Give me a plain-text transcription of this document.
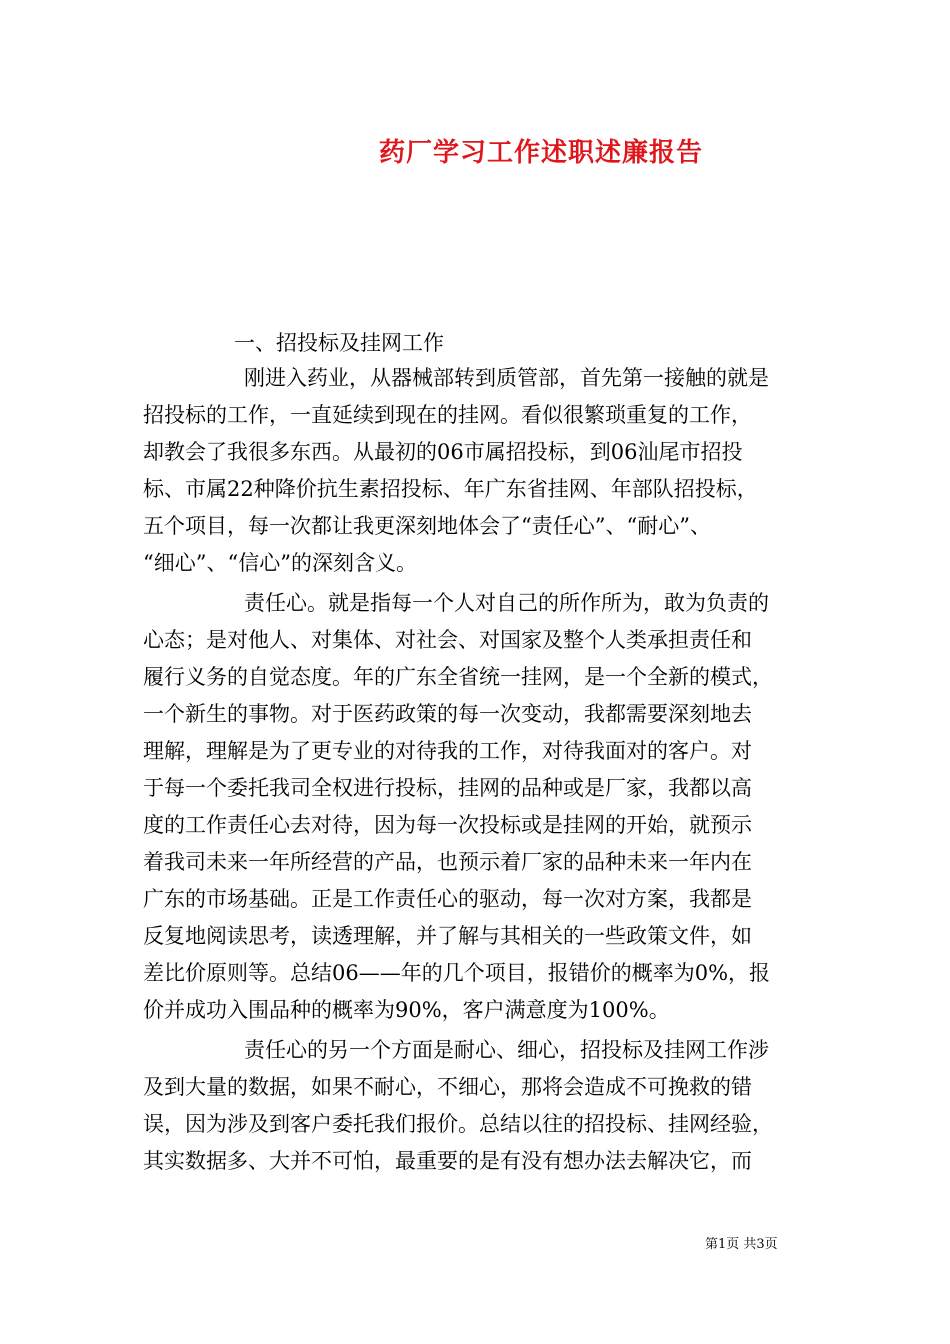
药厂学习工作述职述廉报告
一、招投标及挂网工作
刚进入药业，从器械部转到质管部，首先第一接触的就是
招投标的工作，一直延续到现在的挂网。看似很繁琐重复的工作，
却教会了我很多东西。从最初的06市属招投标，到06汕尾市招投
标、市属22种降价抗生素招投标、年广东省挂网、年部队招投标，
五个项目，每一次都让我更深刻地体会了“责任心”、“耐心”、
“细心”、“信心”的深刻含义。
责任心。就是指每一个人对自己的所作所为，敢为负责的
心态；是对他人、对集体、对社会、对国家及整个人类承担责任和
履行义务的自觉态度。年的广东全省统一挂网，是一个全新的模式，
一个新生的事物。对于医药政策的每一次变动，我都需要深刻地去
理解，理解是为了更专业的对待我的工作，对待我面对的客户。对
于每一个委托我司全权进行投标，挂网的品种或是厂家，我都以高
度的工作责任心去对待，因为每一次投标或是挂网的开始，就预示
着我司未来一年所经营的产品，也预示着厂家的品种未来一年内在
广东的市场基础。正是工作责任心的驱动，每一次对方案，我都是
反复地阅读思考，读透理解，并了解与其相关的一些政策文件，如
差比价原则等。总结06——年的几个项目，报错价的概率为0%，报
价并成功入围品种的概率为90%，客户满意度为100%。
责任心的另一个方面是耐心、细心，招投标及挂网工作涉
及到大量的数据，如果不耐心，不细心，那将会造成不可挽救的错
误，因为涉及到客户委托我们报价。总结以往的招投标、挂网经验，
其实数据多、大并不可怕，最重要的是有没有想办法去解决它，而
第1页 共3页
